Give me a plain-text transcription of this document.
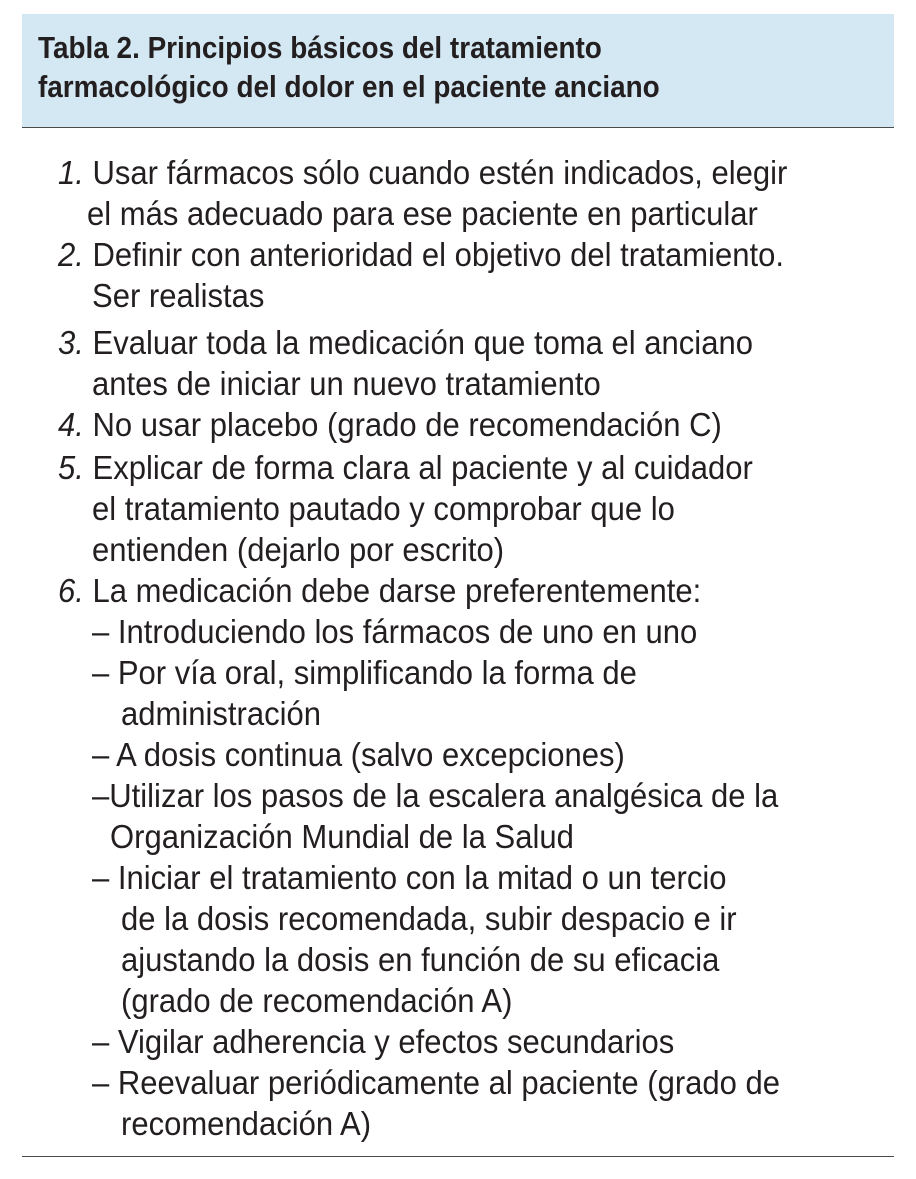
Tabla 2. Principios básicos del tratamiento
farmacológico del dolor en el paciente anciano
1. Usar fármacos sólo cuando estén indicados, elegir
el más adecuado para ese paciente en particular
2. Definir con anterioridad el objetivo del tratamiento.
Ser realistas
3. Evaluar toda la medicación que toma el anciano
antes de iniciar un nuevo tratamiento
4. No usar placebo (grado de recomendación C)
5. Explicar de forma clara al paciente y al cuidador
el tratamiento pautado y comprobar que lo
entienden (dejarlo por escrito)
6. La medicación debe darse preferentemente:
– Introduciendo los fármacos de uno en uno
– Por vía oral, simplificando la forma de
administración
– A dosis continua (salvo excepciones)
–Utilizar los pasos de la escalera analgésica de la
Organización Mundial de la Salud
– Iniciar el tratamiento con la mitad o un tercio
de la dosis recomendada, subir despacio e ir
ajustando la dosis en función de su eficacia
(grado de recomendación A)
– Vigilar adherencia y efectos secundarios
– Reevaluar periódicamente al paciente (grado de
recomendación A)
